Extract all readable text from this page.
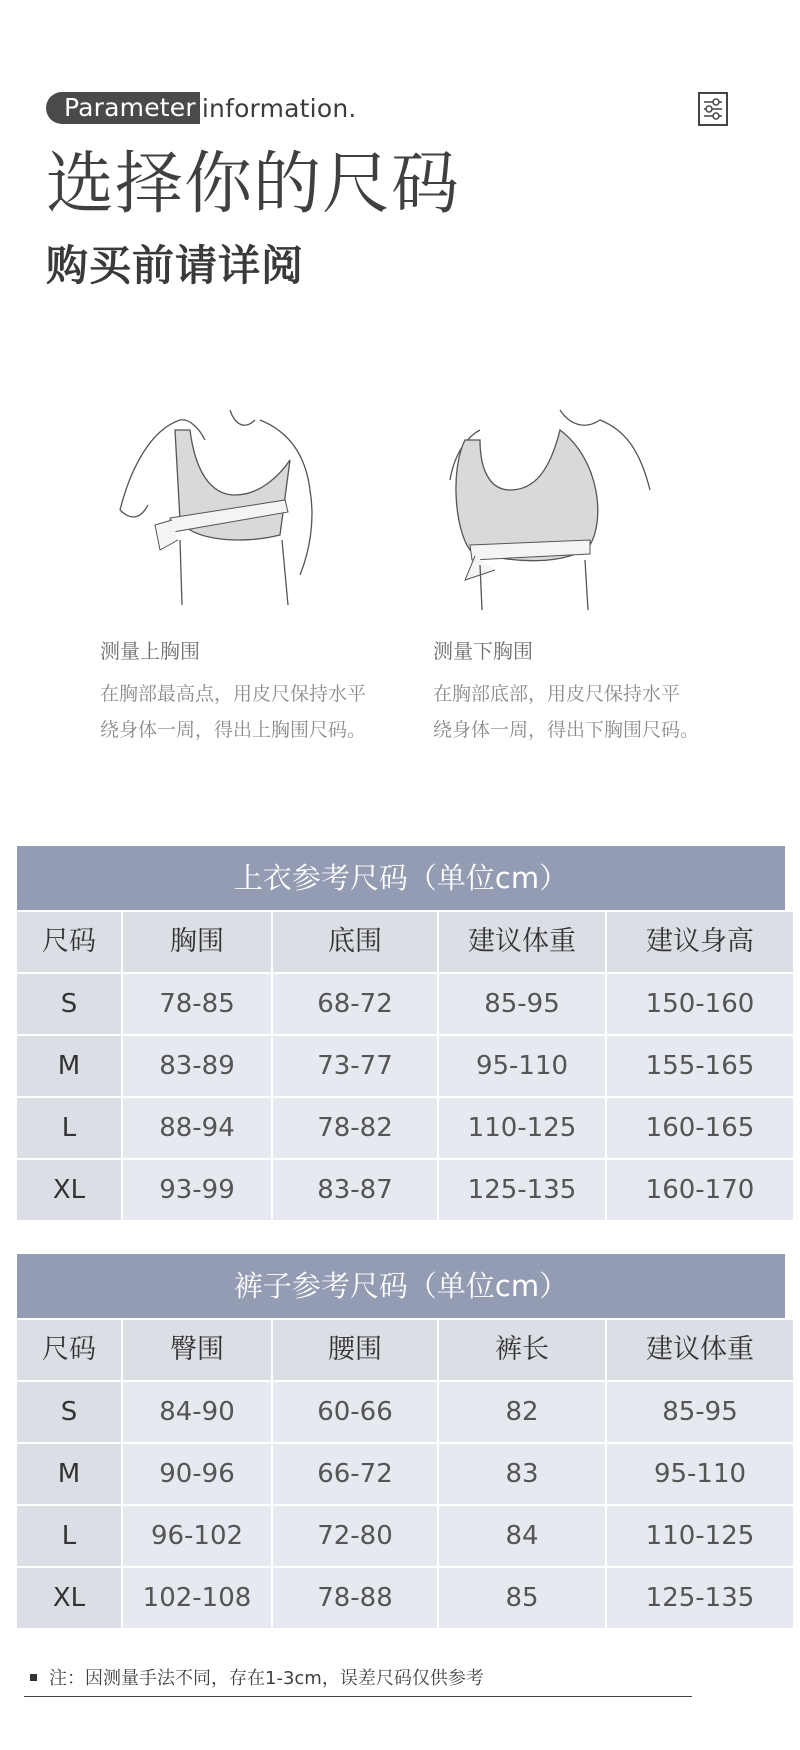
Parameter information.
选择你的尺码
购买前请详阅
测量上胸围
在胸部最高点，用皮尺保持水平
绕身体一周，得出上胸围尺码。
测量下胸围
在胸部底部，用皮尺保持水平
绕身体一周，得出下胸围尺码。
上衣参考尺码（单位cm）
尺码	胸围	底围	建议体重	建议身高
S	78-85	68-72	85-95	150-160
M	83-89	73-77	95-110	155-165
L	88-94	78-82	110-125	160-165
XL	93-99	83-87	125-135	160-170
裤子参考尺码（单位cm）
尺码	臀围	腰围	裤长	建议体重
S	84-90	60-66	82	85-95
M	90-96	66-72	83	95-110
L	96-102	72-80	84	110-125
XL	102-108	78-88	85	125-135
注：因测量手法不同，存在1-3cm，误差尺码仅供参考
